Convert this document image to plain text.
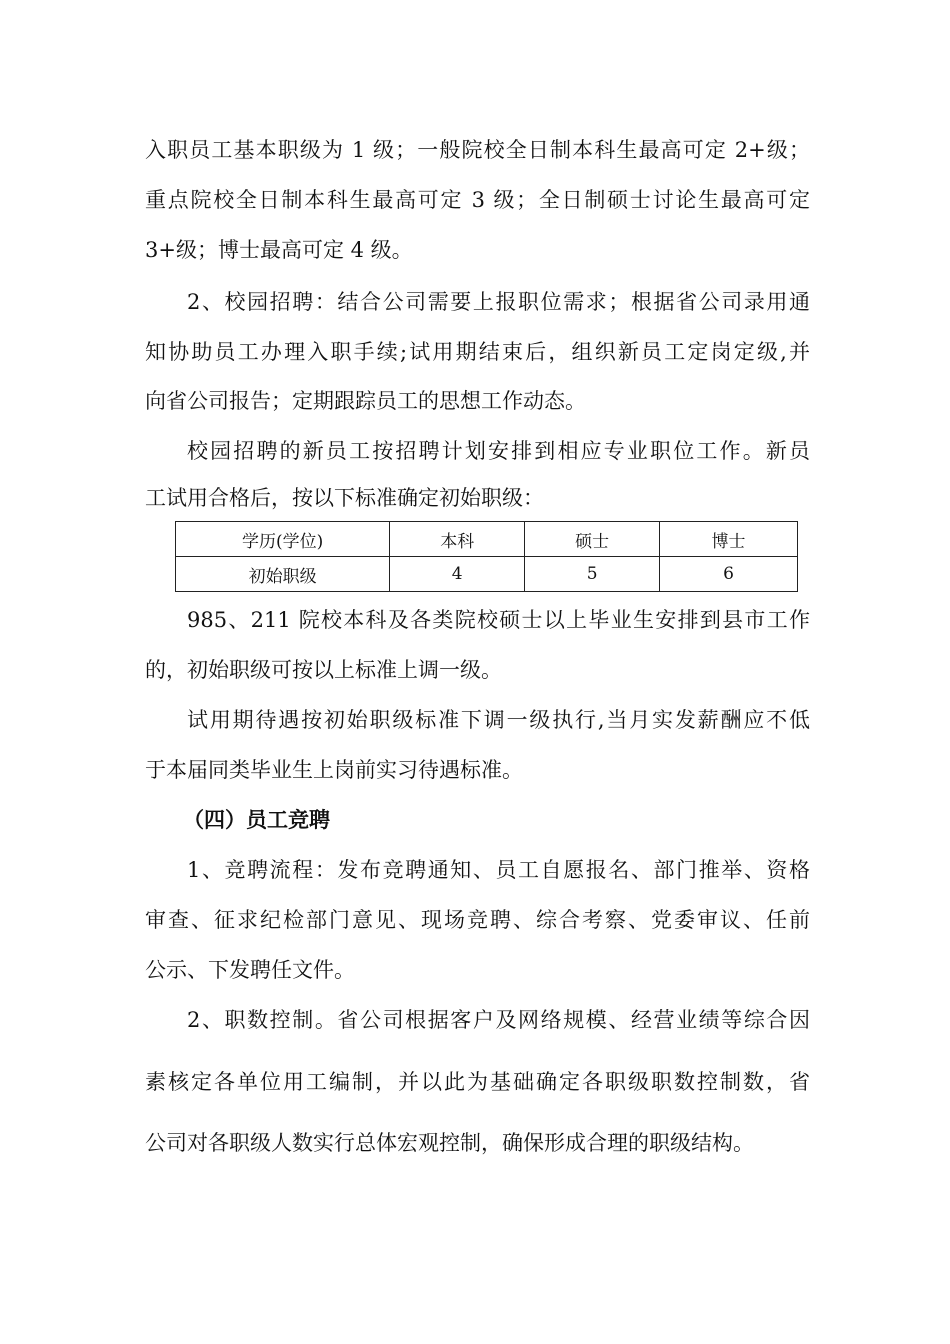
入职员工基本职级为 1 级；一般院校全日制本科生最高可定 2+级；
重点院校全日制本科生最高可定 3 级；全日制硕士讨论生最高可定
3+级；博士最高可定 4 级。
2、校园招聘：结合公司需要上报职位需求；根据省公司录用通
知协助员工办理入职手续;试用期结束后，组织新员工定岗定级,并
向省公司报告；定期跟踪员工的思想工作动态。
校园招聘的新员工按招聘计划安排到相应专业职位工作。新员
工试用合格后，按以下标准确定初始职级：
学历(学位)	本科	硕士	博士
初始职级	4	5	6
985、211 院校本科及各类院校硕士以上毕业生安排到县市工作
的，初始职级可按以上标准上调一级。
试用期待遇按初始职级标准下调一级执行,当月实发薪酬应不低
于本届同类毕业生上岗前实习待遇标准。
（四）员工竞聘
1、竞聘流程：发布竞聘通知、员工自愿报名、部门推举、资格
审查、征求纪检部门意见、现场竞聘、综合考察、党委审议、任前
公示、下发聘任文件。
2、职数控制。省公司根据客户及网络规模、经营业绩等综合因
素核定各单位用工编制，并以此为基础确定各职级职数控制数，省
公司对各职级人数实行总体宏观控制，确保形成合理的职级结构。
